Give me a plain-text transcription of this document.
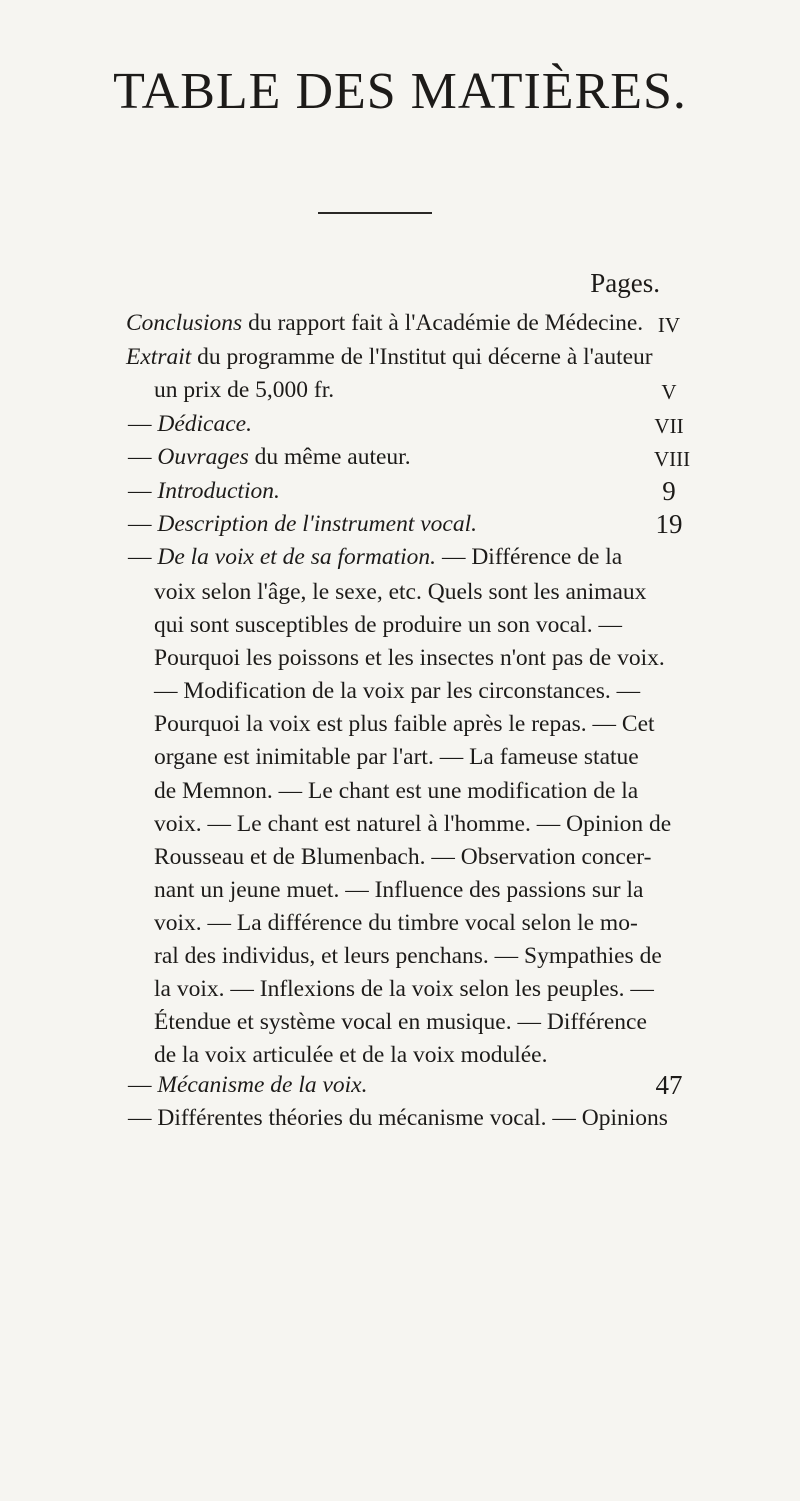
TABLE DES MATIÈRES.
Pages.
Conclusions du rapport fait à l'Académie de Médecine. IV
Extrait du programme de l'Institut qui décerne à l'auteur
un prix de 5,000 fr.	V
— Dédicace.	VII
— Ouvrages du même auteur.	VIII
— Introduction.	9
— Description de l'instrument vocal.	19
— De la voix et de sa formation. — Différence de la

voix selon l'âge, le sexe, etc. Quels sont les animaux
qui sont susceptibles de produire un son vocal. —
Pourquoi les poissons et les insectes n'ont pas de voix.
— Modification de la voix par les circonstances. —
Pourquoi la voix est plus faible après le repas. — Cet
organe est inimitable par l'art. — La fameuse statue
de Memnon. — Le chant est une modification de la
voix. — Le chant est naturel à l'homme. — Opinion de
Rousseau et de Blumenbach. — Observation concer-
nant un jeune muet. — Influence des passions sur la
voix. — La différence du timbre vocal selon le mo-
ral des individus, et leurs penchans. — Sympathies de
la voix. — Inflexions de la voix selon les peuples. —
Étendue et système vocal en musique. — Différence
de la voix articulée et de la voix modulée.

— Mécanisme de la voix.	47
— Différentes théories du mécanisme vocal. — Opinions
